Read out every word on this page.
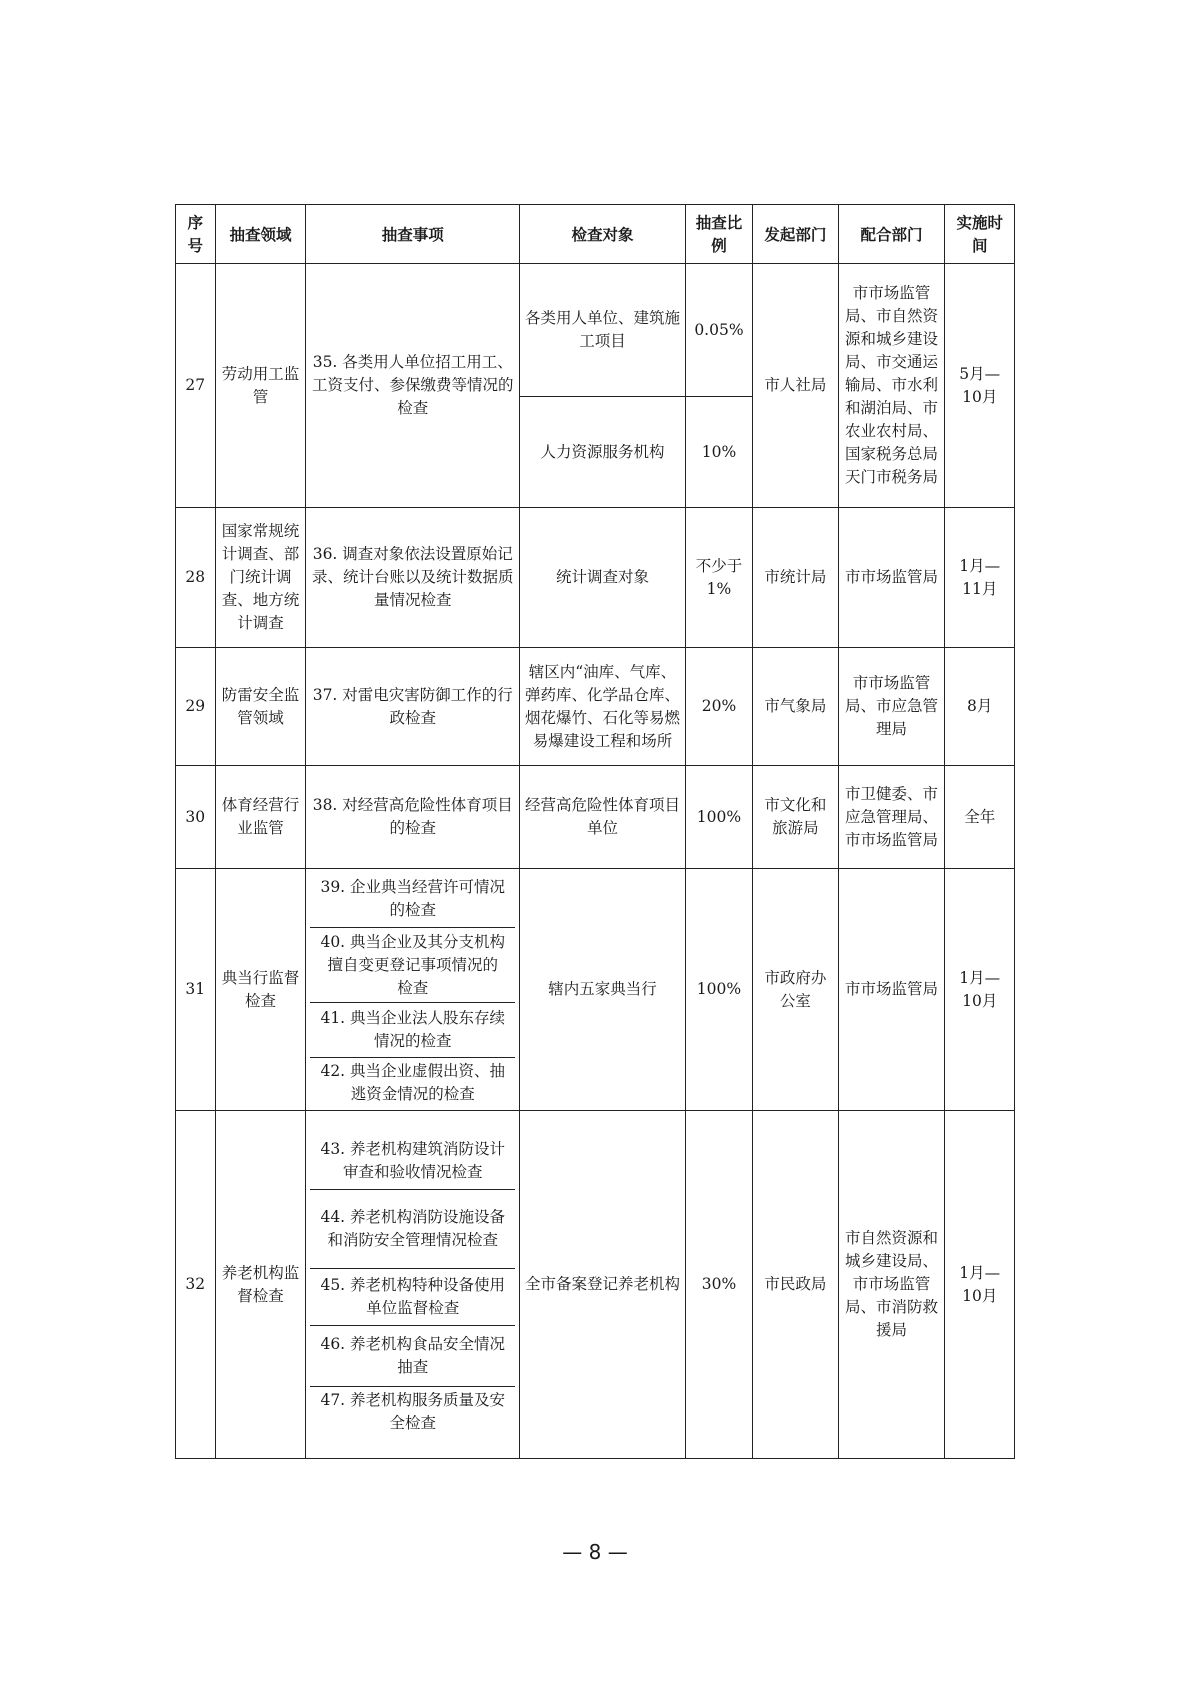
序号	抽查领域	抽查事项	检查对象	抽查比例	发起部门	配合部门	实施时间
27	劳动用工监管	35. 各类用人单位招工用工、工资支付、参保缴费等情况的检查	各类用人单位、建筑施工项目	0.05%	市人社局	市市场监管局、市自然资源和城乡建设局、市交通运输局、市水利和湖泊局、市农业农村局、国家税务总局天门市税务局	5月—10月
			人力资源服务机构	10%			
28	国家常规统计调查、部门统计调查、地方统计调查	36. 调查对象依法设置原始记录、统计台账以及统计数据质量情况检查	统计调查对象	不少于1%	市统计局	市市场监管局	1月—11月
29	防雷安全监管领域	37. 对雷电灾害防御工作的行政检查	辖区内“油库、气库、弹药库、化学品仓库、烟花爆竹、石化等易燃易爆建设工程和场所	20%	市气象局	市市场监管局、市应急管理局	8月
30	体育经营行业监管	38. 对经营高危险性体育项目的检查	经营高危险性体育项目单位	100%	市文化和旅游局	市卫健委、市应急管理局、市市场监管局	全年
31	典当行监督检查	39. 企业典当经营许可情况的检查
40. 典当企业及其分支机构擅自变更登记事项情况的检查
41. 典当企业法人股东存续情况的检查
42. 典当企业虚假出资、抽逃资金情况的检查	辖内五家典当行	100%	市政府办公室	市市场监管局	1月—10月
32	养老机构监督检查	43. 养老机构建筑消防设计审查和验收情况检查
44. 养老机构消防设施设备和消防安全管理情况检查
45. 养老机构特种设备使用单位监督检查
46. 养老机构食品安全情况抽查
47. 养老机构服务质量及安全检查	全市备案登记养老机构	30%	市民政局	市自然资源和城乡建设局、市市场监管局、市消防救援局	1月—10月
— 8 —
